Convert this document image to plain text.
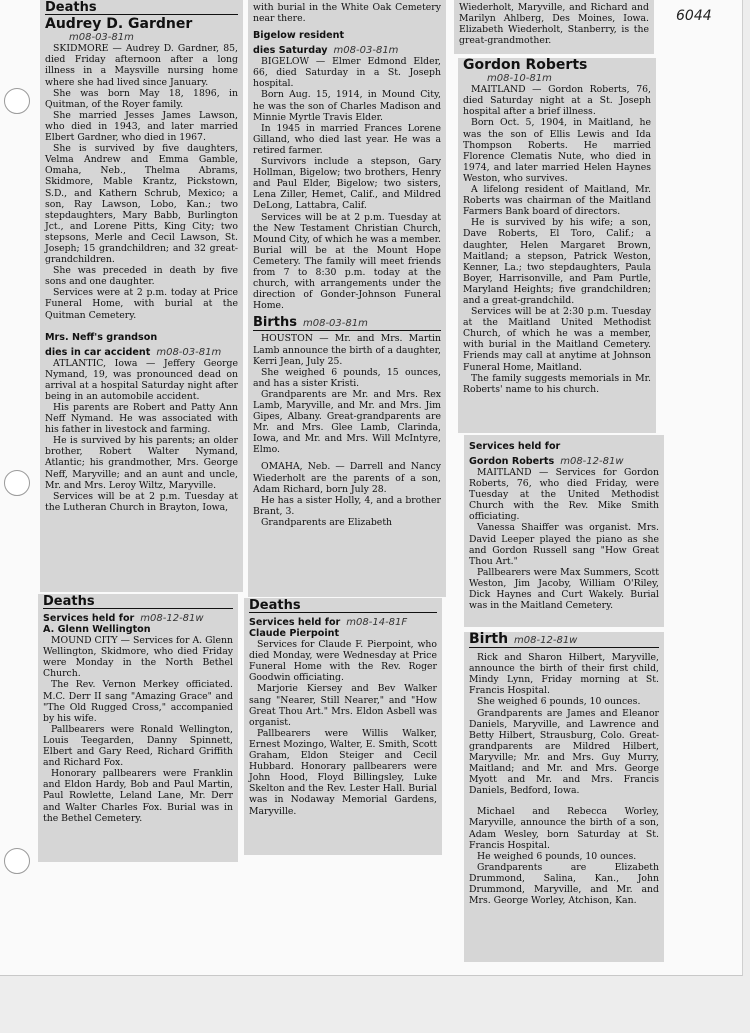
6044
Deaths
Audrey D. Gardner
m08-03-81m

SKIDMORE — Audrey D. Gardner, 85, died Friday afternoon after a long illness in a Maysville nursing home where she had lived since January.

She was born May 18, 1896, in Quitman, of the Royer family.

She married Jesses James Lawson, who died in 1943, and later married Elbert Gardner, who died in 1967.

She is survived by five daughters, Velma Andrew and Emma Gamble, Omaha, Neb., Thelma Abrams, Skidmore, Mable Krantz, Pickstown, S.D., and Kathern Schrub, Mexico; a son, Ray Lawson, Lobo, Kan.; two stepdaughters, Mary Babb, Burlington Jct., and Lorene Pitts, King City; two stepsons, Merle and Cecil Lawson, St. Joseph; 15 grandchildren; and 32 great-grandchildren.

She was preceded in death by five sons and one daughter.

Services were at 2 p.m. today at Price Funeral Home, with burial at the Quitman Cemetery.

Mrs. Neff's grandson
dies in car accident m08-03-81m

ATLANTIC, Iowa — Jeffery George Nymand, 19, was pronounced dead on arrival at a hospital Saturday night after being in an automobile accident.

His parents are Robert and Patty Ann Neff Nymand. He was associated with his father in livestock and farming.

He is survived by his parents; an older brother, Robert Walter Nymand, Atlantic; his grandmother, Mrs. George Neff, Maryville; and an aunt and uncle, Mr. and Mrs. Leroy Wiltz, Maryville.

Services will be at 2 p.m. Tuesday at the Lutheran Church in Brayton, Iowa,

with burial in the White Oak Cemetery near there.

Bigelow resident
dies Saturday m08-03-81m

BIGELOW — Elmer Edmond Elder, 66, died Saturday in a St. Joseph hospital.

Born Aug. 15, 1914, in Mound City, he was the son of Charles Madison and Minnie Myrtle Travis Elder.

In 1945 in married Frances Lorene Gilland, who died last year. He was a retired farmer.

Survivors include a stepson, Gary Hollman, Bigelow; two brothers, Henry and Paul Elder, Bigelow; two sisters, Lena Ziller, Hemet, Calif., and Mildred DeLong, Lattabra, Calif.

Services will be at 2 p.m. Tuesday at the New Testament Christian Church, Mound City, of which he was a member. Burial will be at the Mount Hope Cemetery. The family will meet friends from 7 to 8:30 p.m. today at the church, with arrangements under the direction of Gonder-Johnson Funeral Home.

Births m08-03-81m

HOUSTON — Mr. and Mrs. Martin Lamb announce the birth of a daughter, Kerri Jean, July 25.

She weighed 6 pounds, 15 ounces, and has a sister Kristi.

Grandparents are Mr. and Mrs. Rex Lamb, Maryville, and Mr. and Mrs. Jim Gipes, Albany. Great-grandparents are Mr. and Mrs. Glee Lamb, Clarinda, Iowa, and Mr. and Mrs. Will McIntyre, Elmo.

OMAHA, Neb. — Darrell and Nancy Wiederholt are the parents of a son, Adam Richard, born July 28.

He has a sister Holly, 4, and a brother Brant, 3.

Grandparents are Elizabeth

Wiederholt, Maryville, and Richard and Marilyn Ahlberg, Des Moines, Iowa. Elizabeth Wiederholt, Stanberry, is the great-grandmother.

Gordon Roberts
m08-10-81m

MAITLAND — Gordon Roberts, 76, died Saturday night at a St. Joseph hospital after a brief illness.

Born Oct. 5, 1904, in Maitland, he was the son of Ellis Lewis and Ida Thompson Roberts. He married Florence Clematis Nute, who died in 1974, and later married Helen Haynes Weston, who survives.

A lifelong resident of Maitland, Mr. Roberts was chairman of the Maitland Farmers Bank board of directors.

He is survived by his wife; a son, Dave Roberts, El Toro, Calif.; a daughter, Helen Margaret Brown, Maitland; a stepson, Patrick Weston, Kenner, La.; two stepdaughters, Paula Boyer, Harrisonville, and Pam Purtle, Maryland Heights; five grandchildren; and a great-grandchild.

Services will be at 2:30 p.m. Tuesday at the Maitland United Methodist Church, of which he was a member, with burial in the Maitland Cemetery. Friends may call at anytime at Johnson Funeral Home, Maitland.

The family suggests memorials in Mr. Roberts' name to his church.

Services held for
Gordon Roberts m08-12-81w

MAITLAND — Services for Gordon Roberts, 76, who died Friday, were Tuesday at the United Methodist Church with the Rev. Mike Smith officiating.

Vanessa Shaiffer was organist. Mrs. David Leeper played the piano as she and Gordon Russell sang "How Great Thou Art."

Pallbearers were Max Summers, Scott Weston, Jim Jacoby, William O'Riley, Dick Haynes and Curt Wakely. Burial was in the Maitland Cemetery.

Deaths
Services held for m08-12-81w
A. Glenn Wellington

MOUND CITY — Services for A. Glenn Wellington, Skidmore, who died Friday were Monday in the North Bethel Church.

The Rev. Vernon Merkey officiated. M.C. Derr II sang "Amazing Grace" and "The Old Rugged Cross," accompanied by his wife.

Pallbearers were Ronald Wellington, Louis Teegarden, Danny Spinnett, Elbert and Gary Reed, Richard Griffith and Richard Fox.

Honorary pallbearers were Franklin and Eldon Hardy, Bob and Paul Martin, Paul Rowlette, Leland Lane, Mr. Derr and Walter Charles Fox. Burial was in the Bethel Cemetery.

Deaths
Services held for m08-14-81F
Claude Pierpoint

Services for Claude F. Pierpoint, who died Monday, were Wednesday at Price Funeral Home with the Rev. Roger Goodwin officiating.

Marjorie Kiersey and Bev Walker sang "Nearer, Still Nearer," and "How Great Thou Art." Mrs. Eldon Asbell was organist.

Pallbearers were Willis Walker, Ernest Mozingo, Walter, E. Smith, Scott Graham, Eldon Steiger and Cecil Hubbard. Honorary pallbearers were John Hood, Floyd Billingsley, Luke Skelton and the Rev. Lester Hall. Burial was in Nodaway Memorial Gardens, Maryville.

Birth m08-12-81w

Rick and Sharon Hilbert, Maryville, announce the birth of their first child, Mindy Lynn, Friday morning at St. Francis Hospital.

She weighed 6 pounds, 10 ounces.

Grandparents are James and Eleanor Daniels, Maryville, and Lawrence and Betty Hilbert, Strausburg, Colo. Great-grandparents are Mildred Hilbert, Maryville; Mr. and Mrs. Guy Murry, Maitland; and Mr. and Mrs. George Myott and Mr. and Mrs. Francis Daniels, Bedford, Iowa.

Michael and Rebecca Worley, Maryville, announce the birth of a son, Adam Wesley, born Saturday at St. Francis Hospital.

He weighed 6 pounds, 10 ounces.

Grandparents are Elizabeth Drummond, Salina, Kan., John Drummond, Maryville, and Mr. and Mrs. George Worley, Atchison, Kan.
